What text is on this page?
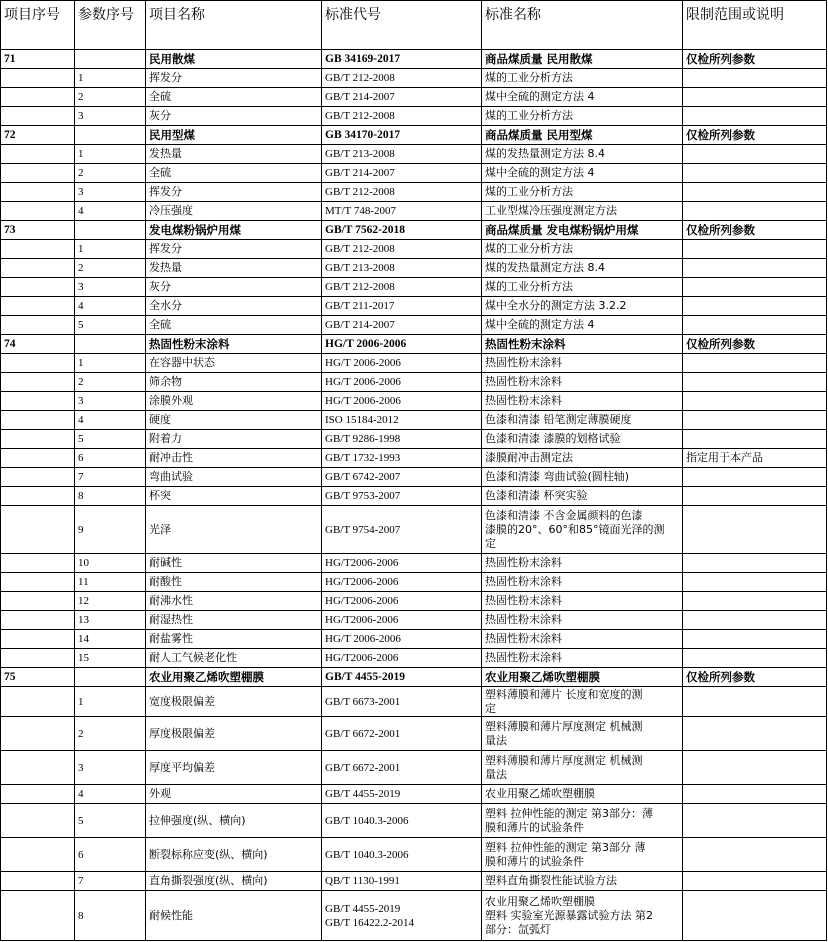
项目序号	参数序号	项目名称	标准代号	标准名称	限制范围或说明
71		民用散煤	GB 34169-2017	商品煤质量 民用散煤	仅检所列参数
	1	挥发分	GB/T 212-2008	煤的工业分析方法	
	2	全硫	GB/T 214-2007	煤中全硫的测定方法 4	
	3	灰分	GB/T 212-2008	煤的工业分析方法	
72		民用型煤	GB 34170-2017	商品煤质量 民用型煤	仅检所列参数
	1	发热量	GB/T 213-2008	煤的发热量测定方法 8.4	
	2	全硫	GB/T 214-2007	煤中全硫的测定方法 4	
	3	挥发分	GB/T 212-2008	煤的工业分析方法	
	4	冷压强度	MT/T 748-2007	工业型煤冷压强度测定方法	
73		发电煤粉锅炉用煤	GB/T 7562-2018	商品煤质量 发电煤粉锅炉用煤	仅检所列参数
	1	挥发分	GB/T 212-2008	煤的工业分析方法	
	2	发热量	GB/T 213-2008	煤的发热量测定方法 8.4	
	3	灰分	GB/T 212-2008	煤的工业分析方法	
	4	全水分	GB/T 211-2017	煤中全水分的测定方法 3.2.2	
	5	全硫	GB/T 214-2007	煤中全硫的测定方法 4	
74		热固性粉末涂料	HG/T 2006-2006	热固性粉末涂料	仅检所列参数
	1	在容器中状态	HG/T 2006-2006	热固性粉末涂料	
	2	筛余物	HG/T 2006-2006	热固性粉末涂料	
	3	涂膜外观	HG/T 2006-2006	热固性粉末涂料	
	4	硬度	ISO 15184-2012	色漆和清漆 铅笔测定薄膜硬度	
	5	附着力	GB/T 9286-1998	色漆和清漆 漆膜的划格试验	
	6	耐冲击性	GB/T 1732-1993	漆膜耐冲击测定法	指定用于本产品
	7	弯曲试验	GB/T 6742-2007	色漆和清漆 弯曲试验(圆柱轴)	
	8	杯突	GB/T 9753-2007	色漆和清漆 杯突实验	
	9	光泽	GB/T 9754-2007	色漆和清漆 不含金属颜料的色漆
漆膜的20°、60°和85°镜面光泽的测
定	
	10	耐碱性	HG/T2006-2006	热固性粉末涂料	
	11	耐酸性	HG/T2006-2006	热固性粉末涂料	
	12	耐沸水性	HG/T2006-2006	热固性粉末涂料	
	13	耐湿热性	HG/T2006-2006	热固性粉末涂料	
	14	耐盐雾性	HG/T 2006-2006	热固性粉末涂料	
	15	耐人工气候老化性	HG/T2006-2006	热固性粉末涂料	
75		农业用聚乙烯吹塑棚膜	GB/T 4455-2019	农业用聚乙烯吹塑棚膜	仅检所列参数
	1	宽度极限偏差	GB/T 6673-2001	塑料薄膜和薄片 长度和宽度的测
定	
	2	厚度极限偏差	GB/T 6672-2001	塑料薄膜和薄片厚度测定 机械测
量法	
	3	厚度平均偏差	GB/T 6672-2001	塑料薄膜和薄片厚度测定 机械测
量法	
	4	外观	GB/T 4455-2019	农业用聚乙烯吹塑棚膜	
	5	拉伸强度(纵、横向)	GB/T 1040.3-2006	塑料 拉伸性能的测定 第3部分：薄
膜和薄片的试验条件	
	6	断裂标称应变(纵、横向)	GB/T 1040.3-2006	塑料 拉伸性能的测定 第3部分 薄
膜和薄片的试验条件	
	7	直角撕裂强度(纵、横向)	QB/T 1130-1991	塑料直角撕裂性能试验方法	
	8	耐候性能	GB/T 4455-2019
GB/T 16422.2-2014	农业用聚乙烯吹塑棚膜
塑料 实验室光源暴露试验方法 第2
部分：氙弧灯	
